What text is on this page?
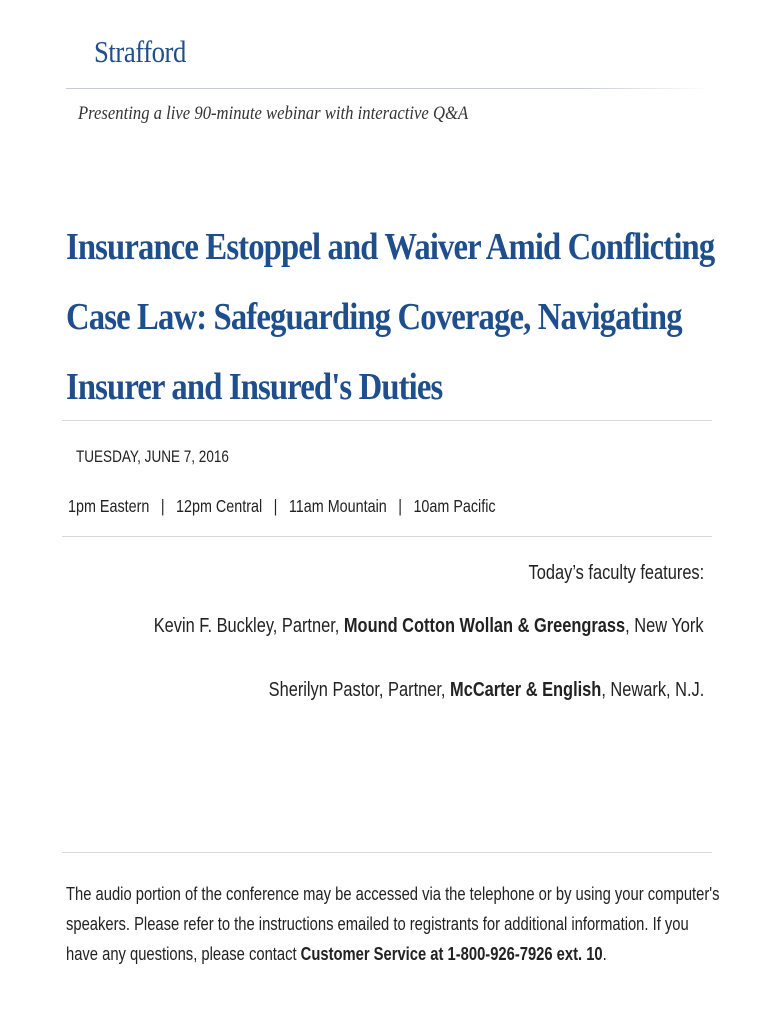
Strafford
Presenting a live 90-minute webinar with interactive Q&A
Insurance Estoppel and Waiver Amid Conflicting
Case Law: Safeguarding Coverage, Navigating
Insurer and Insured's Duties
TUESDAY, JUNE 7, 2016
1pm Eastern | 12pm Central | 11am Mountain | 10am Pacific
Today’s faculty features:
Kevin F. Buckley, Partner, Mound Cotton Wollan & Greengrass, New York
Sherilyn Pastor, Partner, McCarter & English, Newark, N.J.
The audio portion of the conference may be accessed via the telephone or by using your computer's
speakers. Please refer to the instructions emailed to registrants for additional information. If you
have any questions, please contact Customer Service at 1-800-926-7926 ext. 10.
